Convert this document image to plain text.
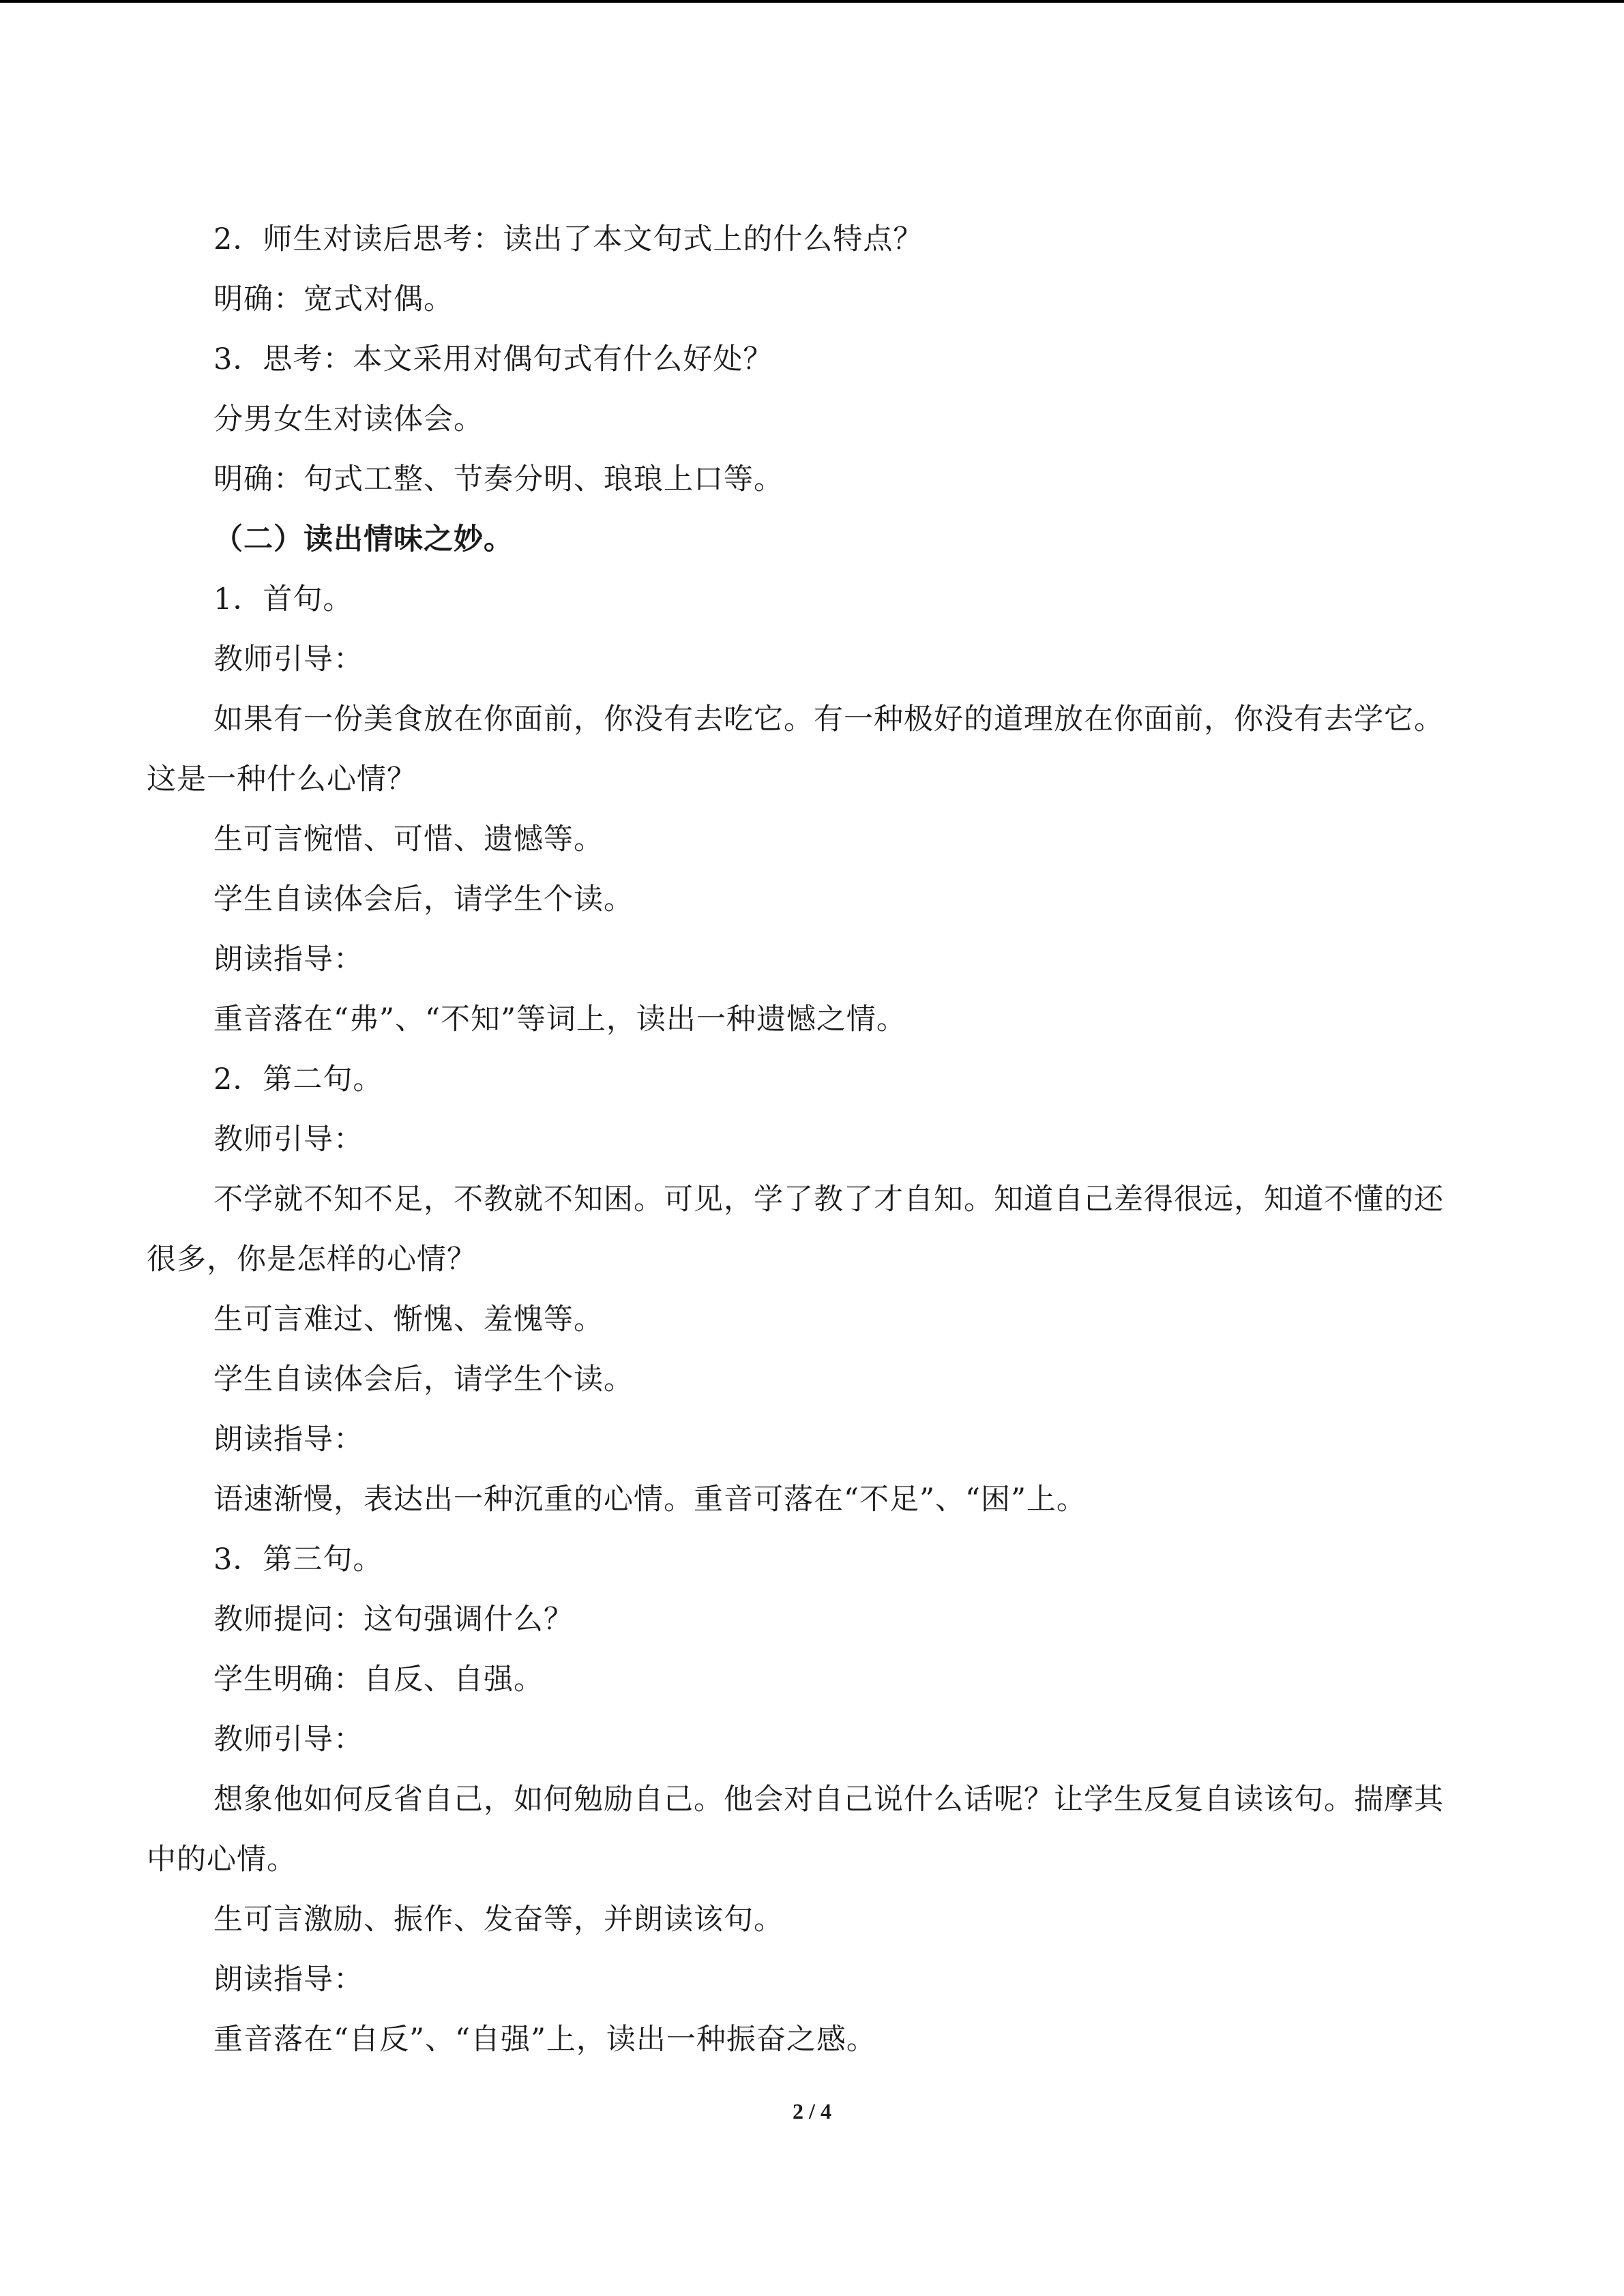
2．师生对读后思考：读出了本文句式上的什么特点？

明确：宽式对偶。

3．思考：本文采用对偶句式有什么好处？

分男女生对读体会。

明确：句式工整、节奏分明、琅琅上口等。

（二）读出情味之妙。

1．首句。

教师引导：

如果有一份美食放在你面前，你没有去吃它。有一种极好的道理放在你面前，你没有去学它。这是一种什么心情？

生可言惋惜、可惜、遗憾等。

学生自读体会后，请学生个读。

朗读指导：

重音落在“弗”、“不知”等词上，读出一种遗憾之情。

2．第二句。

教师引导：

不学就不知不足，不教就不知困。可见，学了教了才自知。知道自己差得很远，知道不懂的还很多，你是怎样的心情？

生可言难过、惭愧、羞愧等。

学生自读体会后，请学生个读。

朗读指导：

语速渐慢，表达出一种沉重的心情。重音可落在“不足”、“困”上。

3．第三句。

教师提问：这句强调什么？

学生明确：自反、自强。

教师引导：

想象他如何反省自己，如何勉励自己。他会对自己说什么话呢？让学生反复自读该句。揣摩其中的心情。

生可言激励、振作、发奋等，并朗读该句。

朗读指导：

重音落在“自反”、“自强”上，读出一种振奋之感。

2 / 4
